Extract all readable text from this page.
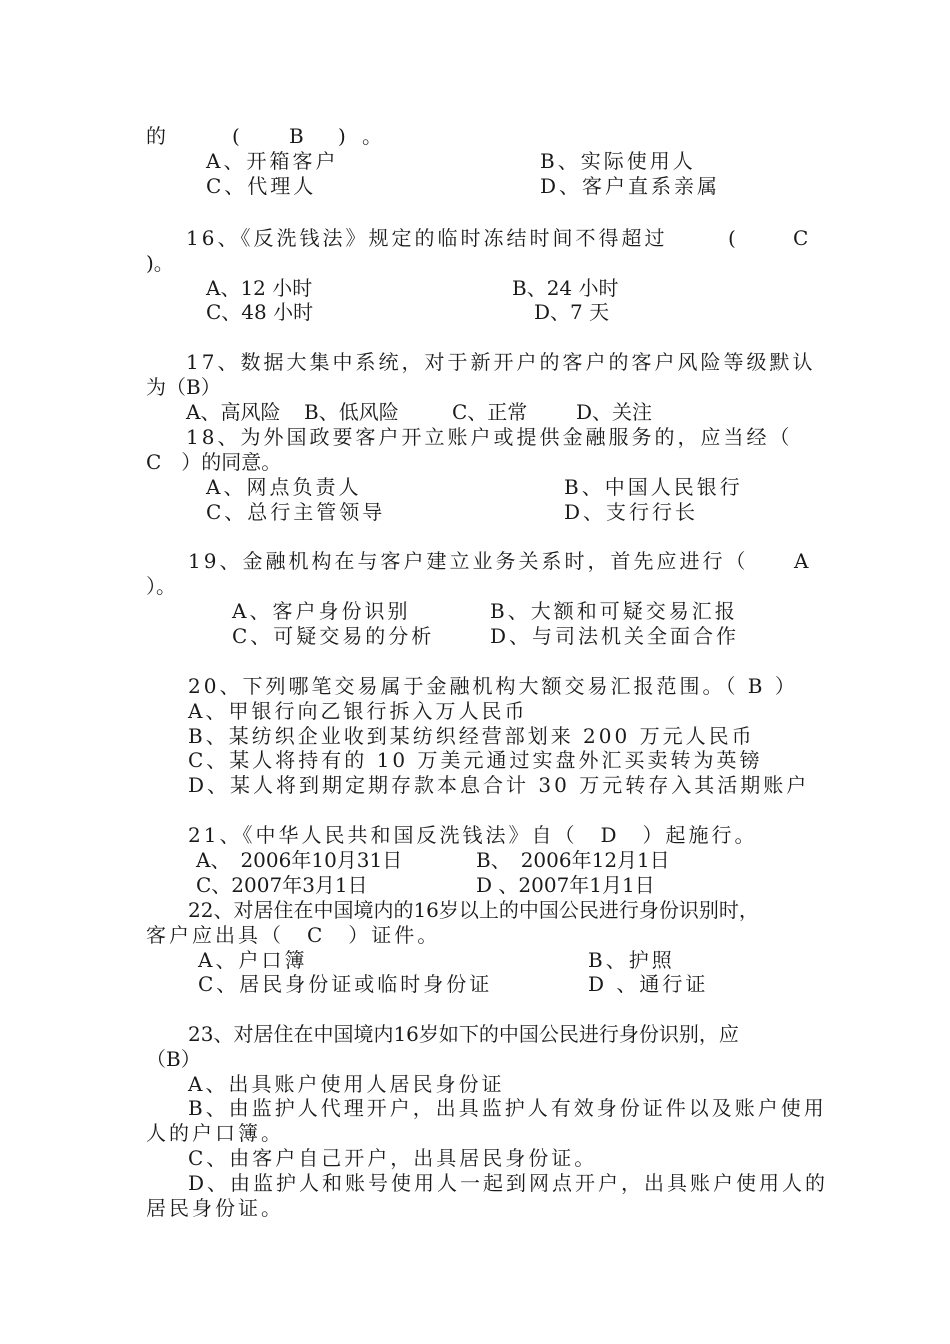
的	( B ) 。
A、开箱客户	B、实际使用人
C、代理人	D、客户直系亲属
16、《反洗钱法》规定的临时冻结时间不得超过	(	C
)。
A、12 小时	B、24 小时
C、48 小时	D、7 天
17、数据大集中系统，对于新开户的客户的客户风险等级默认
为（B）
A、高风险 B、低风险	C、正常 D、关注
18、为外国政要客户开立账户或提供金融服务的，应当经（
C　）的同意。
A、网点负责人	B、中国人民银行
C、总行主管领导	D、支行行长
19、金融机构在与客户建立业务关系时，首先应进行（ A
）。
A、客户身份识别	B、大额和可疑交易汇报
C、可疑交易的分析	D、与司法机关全面合作
20、下列哪笔交易属于金融机构大额交易汇报范围。（ B ）
A、甲银行向乙银行拆入万人民币
B、某纺织企业收到某纺织经营部划来 200 万元人民币
C、某人将持有的 10 万美元通过实盘外汇买卖转为英镑
D、某人将到期定期存款本息合计 30 万元转存入其活期账户
21、《中华人民共和国反洗钱法》自（　D　）起施行。
A、　2006年10月31日	B、　2006年12月1日
C、2007年3月1日	D 、2007年1月1日
22、对居住在中国境内的16岁以上的中国公民进行身份识别时，
客户应出具（　C　）证件。
A、户口簿	B、护照
C、居民身份证或临时身份证	D 、通行证
23、对居住在中国境内16岁如下的中国公民进行身份识别，应
（B）
A、出具账户使用人居民身份证
B、由监护人代理开户，出具监护人有效身份证件以及账户使用
人的户口簿。
C、由客户自己开户，出具居民身份证。
D、由监护人和账号使用人一起到网点开户，出具账户使用人的
居民身份证。
